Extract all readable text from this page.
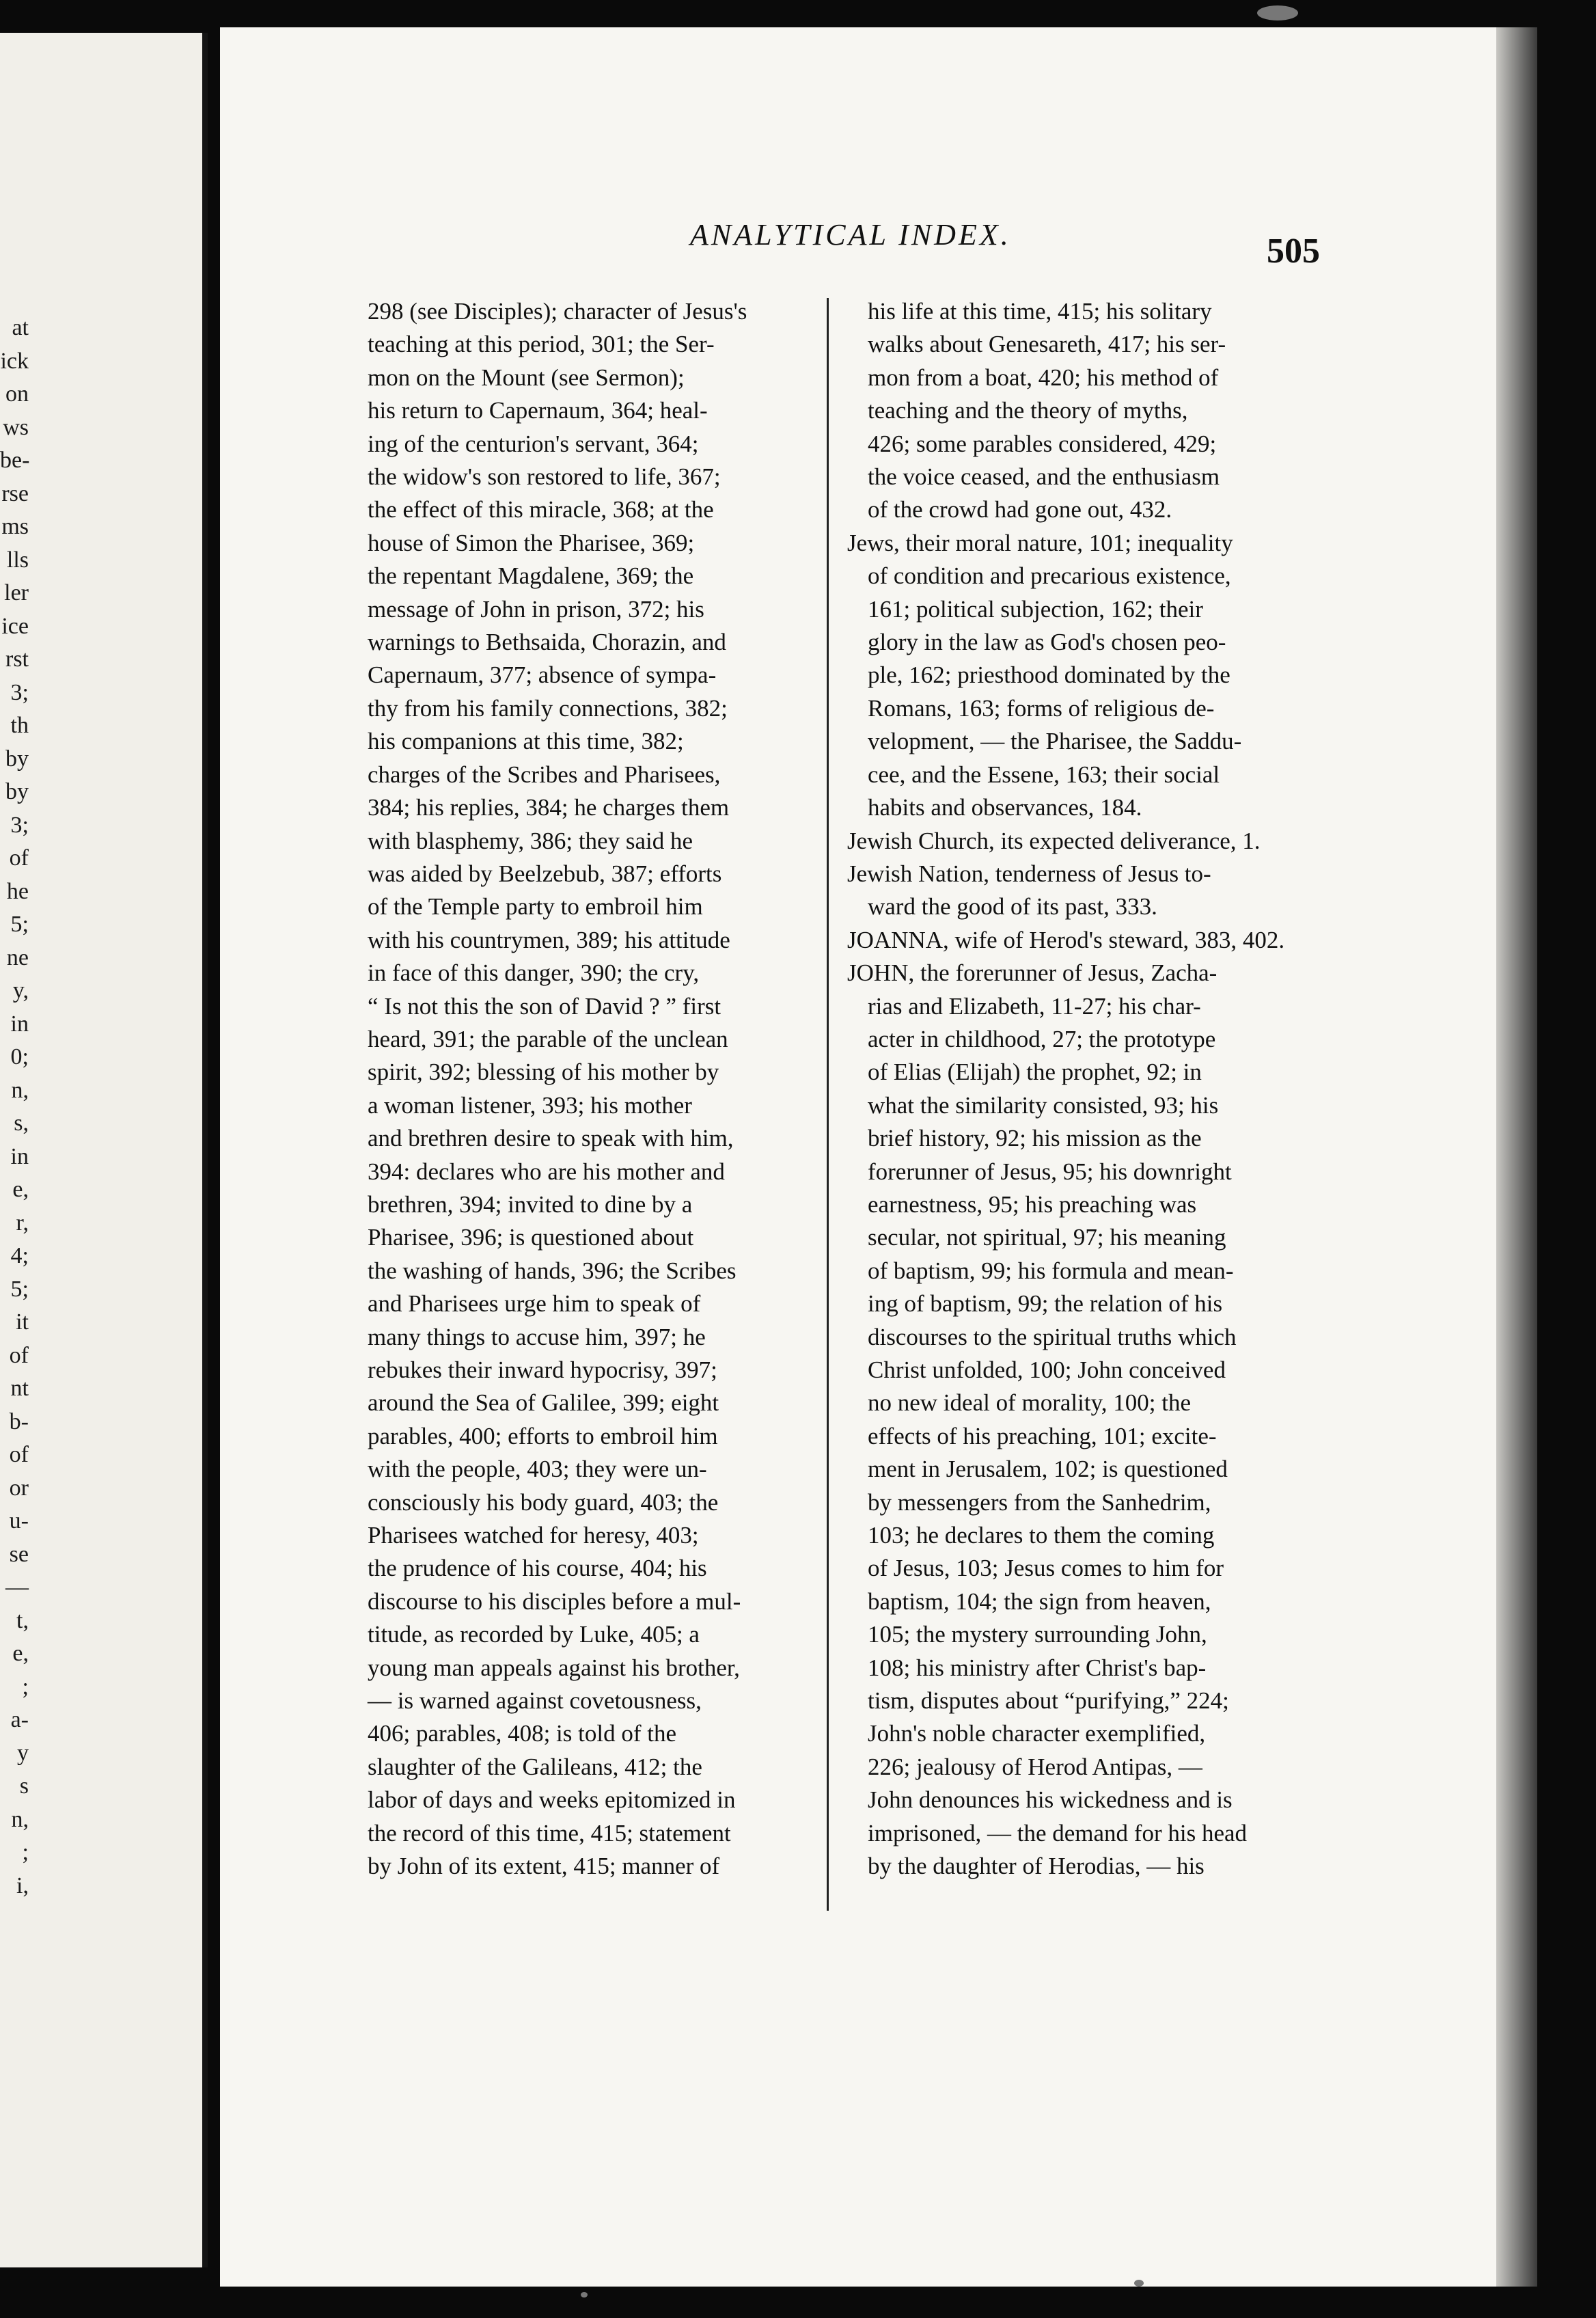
at
ick
on
ws
be-
rse
ms
lls
ler
ice
rst
3;
th
by
by
3;
of
he
5;
ne
y,
in
0;
n,
s,
in
e,
r,
4;
5;
it
of
nt
b-
of
or
u-
se
—
t,
e,
;
a-
y
s
n,
;
i,
ANALYTICAL INDEX.	505
298 (see Disciples); character of Jesus's
teaching at this period, 301; the Ser-
mon on the Mount (see Sermon);
his return to Capernaum, 364; heal-
ing of the centurion's servant, 364;
the widow's son restored to life, 367;
the effect of this miracle, 368; at the
house of Simon the Pharisee, 369;
the repentant Magdalene, 369; the
message of John in prison, 372; his
warnings to Bethsaida, Chorazin, and
Capernaum, 377; absence of sympa-
thy from his family connections, 382;
his companions at this time, 382;
charges of the Scribes and Pharisees,
384; his replies, 384; he charges them
with blasphemy, 386; they said he
was aided by Beelzebub, 387; efforts
of the Temple party to embroil him
with his countrymen, 389; his attitude
in face of this danger, 390; the cry,
“ Is not this the son of David ? ” first
heard, 391; the parable of the unclean
spirit, 392; blessing of his mother by
a woman listener, 393; his mother
and brethren desire to speak with him,
394: declares who are his mother and
brethren, 394; invited to dine by a
Pharisee, 396; is questioned about
the washing of hands, 396; the Scribes
and Pharisees urge him to speak of
many things to accuse him, 397; he
rebukes their inward hypocrisy, 397;
around the Sea of Galilee, 399; eight
parables, 400; efforts to embroil him
with the people, 403; they were un-
consciously his body guard, 403; the
Pharisees watched for heresy, 403;
the prudence of his course, 404; his
discourse to his disciples before a mul-
titude, as recorded by Luke, 405; a
young man appeals against his brother,
— is warned against covetousness,
406; parables, 408; is told of the
slaughter of the Galileans, 412; the
labor of days and weeks epitomized in
the record of this time, 415; statement
by John of its extent, 415; manner of
his life at this time, 415; his solitary
walks about Genesareth, 417; his ser-
mon from a boat, 420; his method of
teaching and the theory of myths,
426; some parables considered, 429;
the voice ceased, and the enthusiasm
of the crowd had gone out, 432.
Jews, their moral nature, 101; inequality
of condition and precarious existence,
161; political subjection, 162; their
glory in the law as God's chosen peo-
ple, 162; priesthood dominated by the
Romans, 163; forms of religious de-
velopment, — the Pharisee, the Saddu-
cee, and the Essene, 163; their social
habits and observances, 184.
Jewish Church, its expected deliverance, 1.
Jewish Nation, tenderness of Jesus to-
ward the good of its past, 333.
JOANNA, wife of Herod's steward, 383, 402.
JOHN, the forerunner of Jesus, Zacha-
rias and Elizabeth, 11-27; his char-
acter in childhood, 27; the prototype
of Elias (Elijah) the prophet, 92; in
what the similarity consisted, 93; his
brief history, 92; his mission as the
forerunner of Jesus, 95; his downright
earnestness, 95; his preaching was
secular, not spiritual, 97; his meaning
of baptism, 99; his formula and mean-
ing of baptism, 99; the relation of his
discourses to the spiritual truths which
Christ unfolded, 100; John conceived
no new ideal of morality, 100; the
effects of his preaching, 101; excite-
ment in Jerusalem, 102; is questioned
by messengers from the Sanhedrim,
103; he declares to them the coming
of Jesus, 103; Jesus comes to him for
baptism, 104; the sign from heaven,
105; the mystery surrounding John,
108; his ministry after Christ's bap-
tism, disputes about “purifying,” 224;
John's noble character exemplified,
226; jealousy of Herod Antipas, —
John denounces his wickedness and is
imprisoned, — the demand for his head
by the daughter of Herodias, — his
